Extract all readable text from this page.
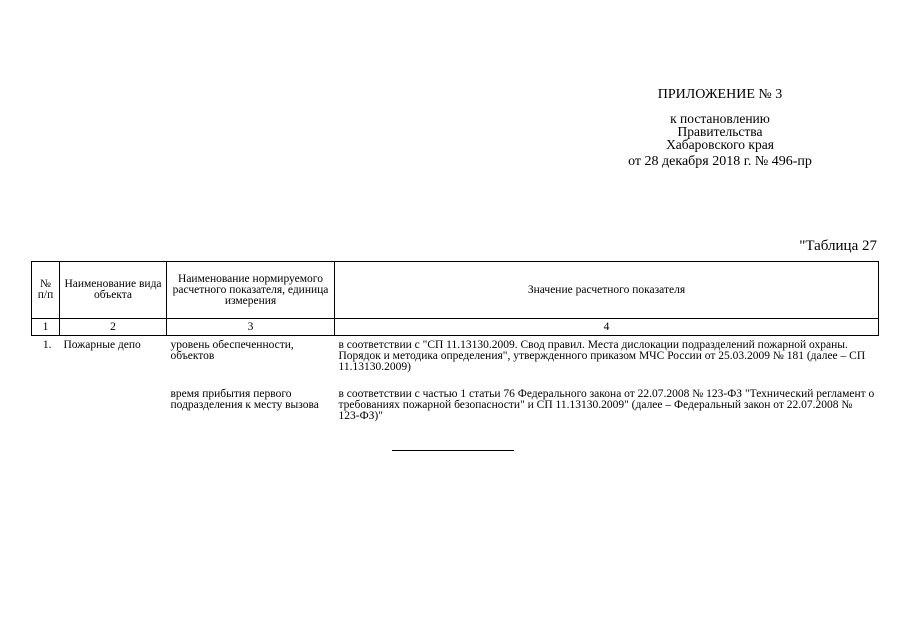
ПРИЛОЖЕНИЕ № 3
к постановлению
Правительства
Хабаровского края
от 28 декабря 2018 г. № 496-пр
"Таблица 27
№ п/п	Наименование вида объекта	Наименование нормируемого расчетного показателя, единица измерения	Значение расчетного показателя
1	2	3	4
1.	Пожарные депо	уровень обеспеченности, объектов	в соответствии с "СП 11.13130.2009. Свод правил. Места дислокации подразделений пожарной охраны. Порядок и методика определения", утвержденного приказом МЧС России от 25.03.2009 № 181 (далее – СП 11.13130.2009)
		время прибытия первого подразделения к месту вызова	в соответствии с частью 1 статьи 76 Федерального закона от 22.07.2008 № 123-ФЗ "Технический регламент о требованиях пожарной безопасности" и СП 11.13130.2009" (далее – Федеральный закон от 22.07.2008 № 123-ФЗ)"
